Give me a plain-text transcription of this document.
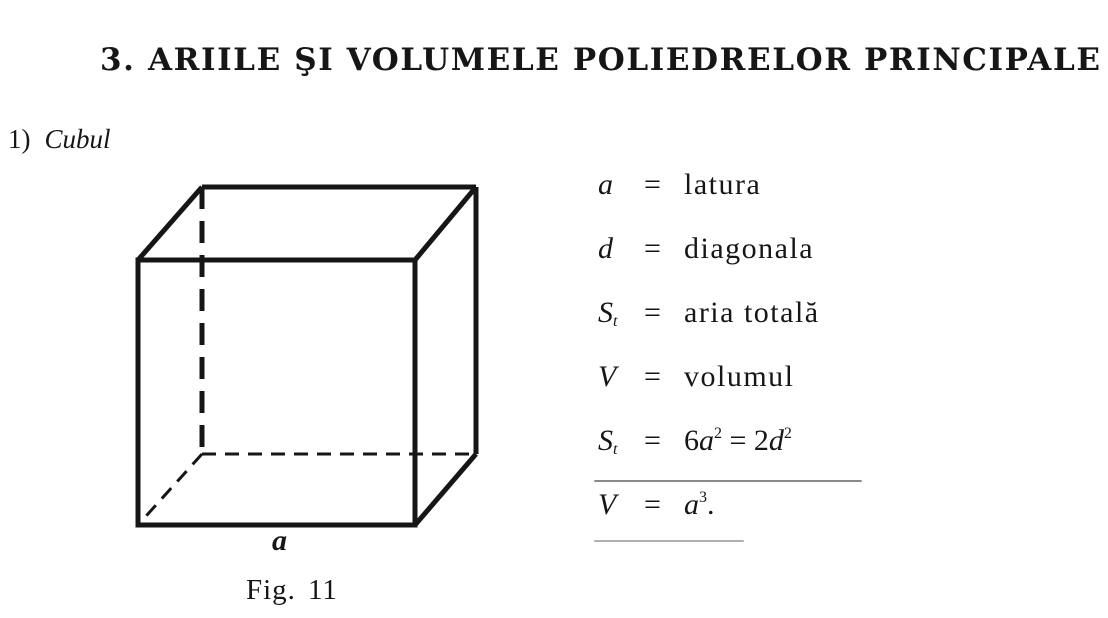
3. ARIILE ŞI VOLUMELE POLIEDRELOR PRINCIPALE
1) Cubul
a
Fig. 11
a = latura
d = diagonala
$S_t$ = aria totală
V = volumul
$S_t = 6a^2 = 2d^2$
$V = a^3$.
